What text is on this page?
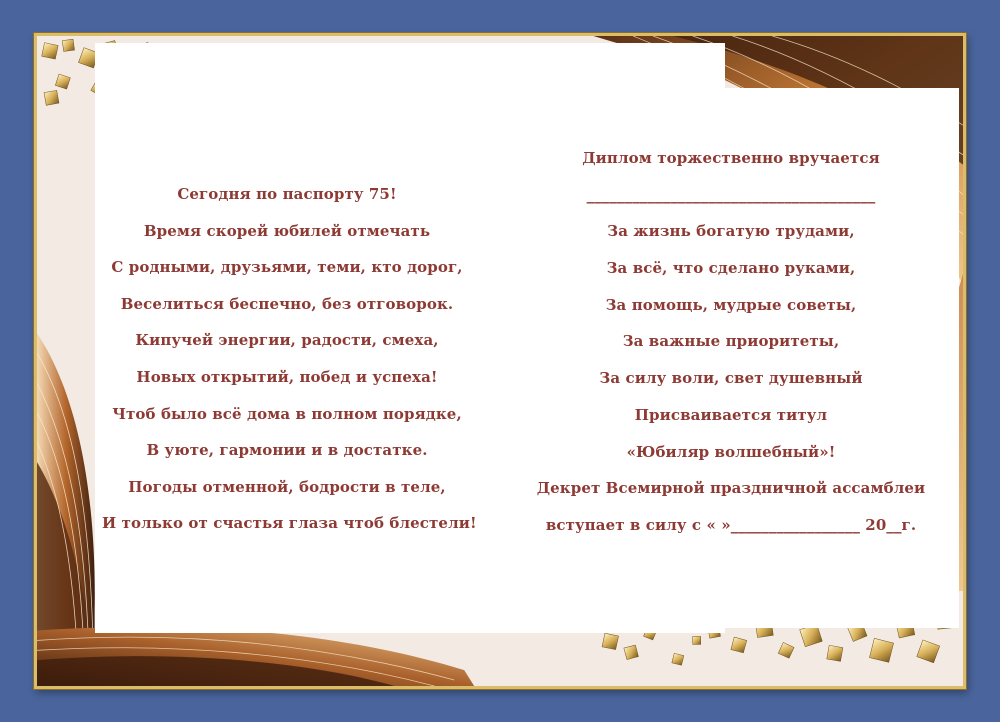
Сегодня по паспорту 75!
Время скорей юбилей отмечать
С родными, друзьями, теми, кто дорог,
Веселиться беспечно, без отговорок.
Кипучей энергии, радости, смеха,
Новых открытий, побед и успеха!
Чтоб было всё дома в полном порядке,
В уюте, гармонии и в достатке.
Погоды отменной, бодрости в теле,
И только от счастья глаза чтоб блестели!
Диплом торжественно вручается
______________________________________
За жизнь богатую трудами,
За всё, что сделано руками,
За помощь, мудрые советы,
За важные приоритеты,
За силу воли, свет душевный
Присваивается титул
«Юбиляр волшебный»!
Декрет Всемирной праздничной ассамблеи
вступает в силу с « »_________________ 20__г.
